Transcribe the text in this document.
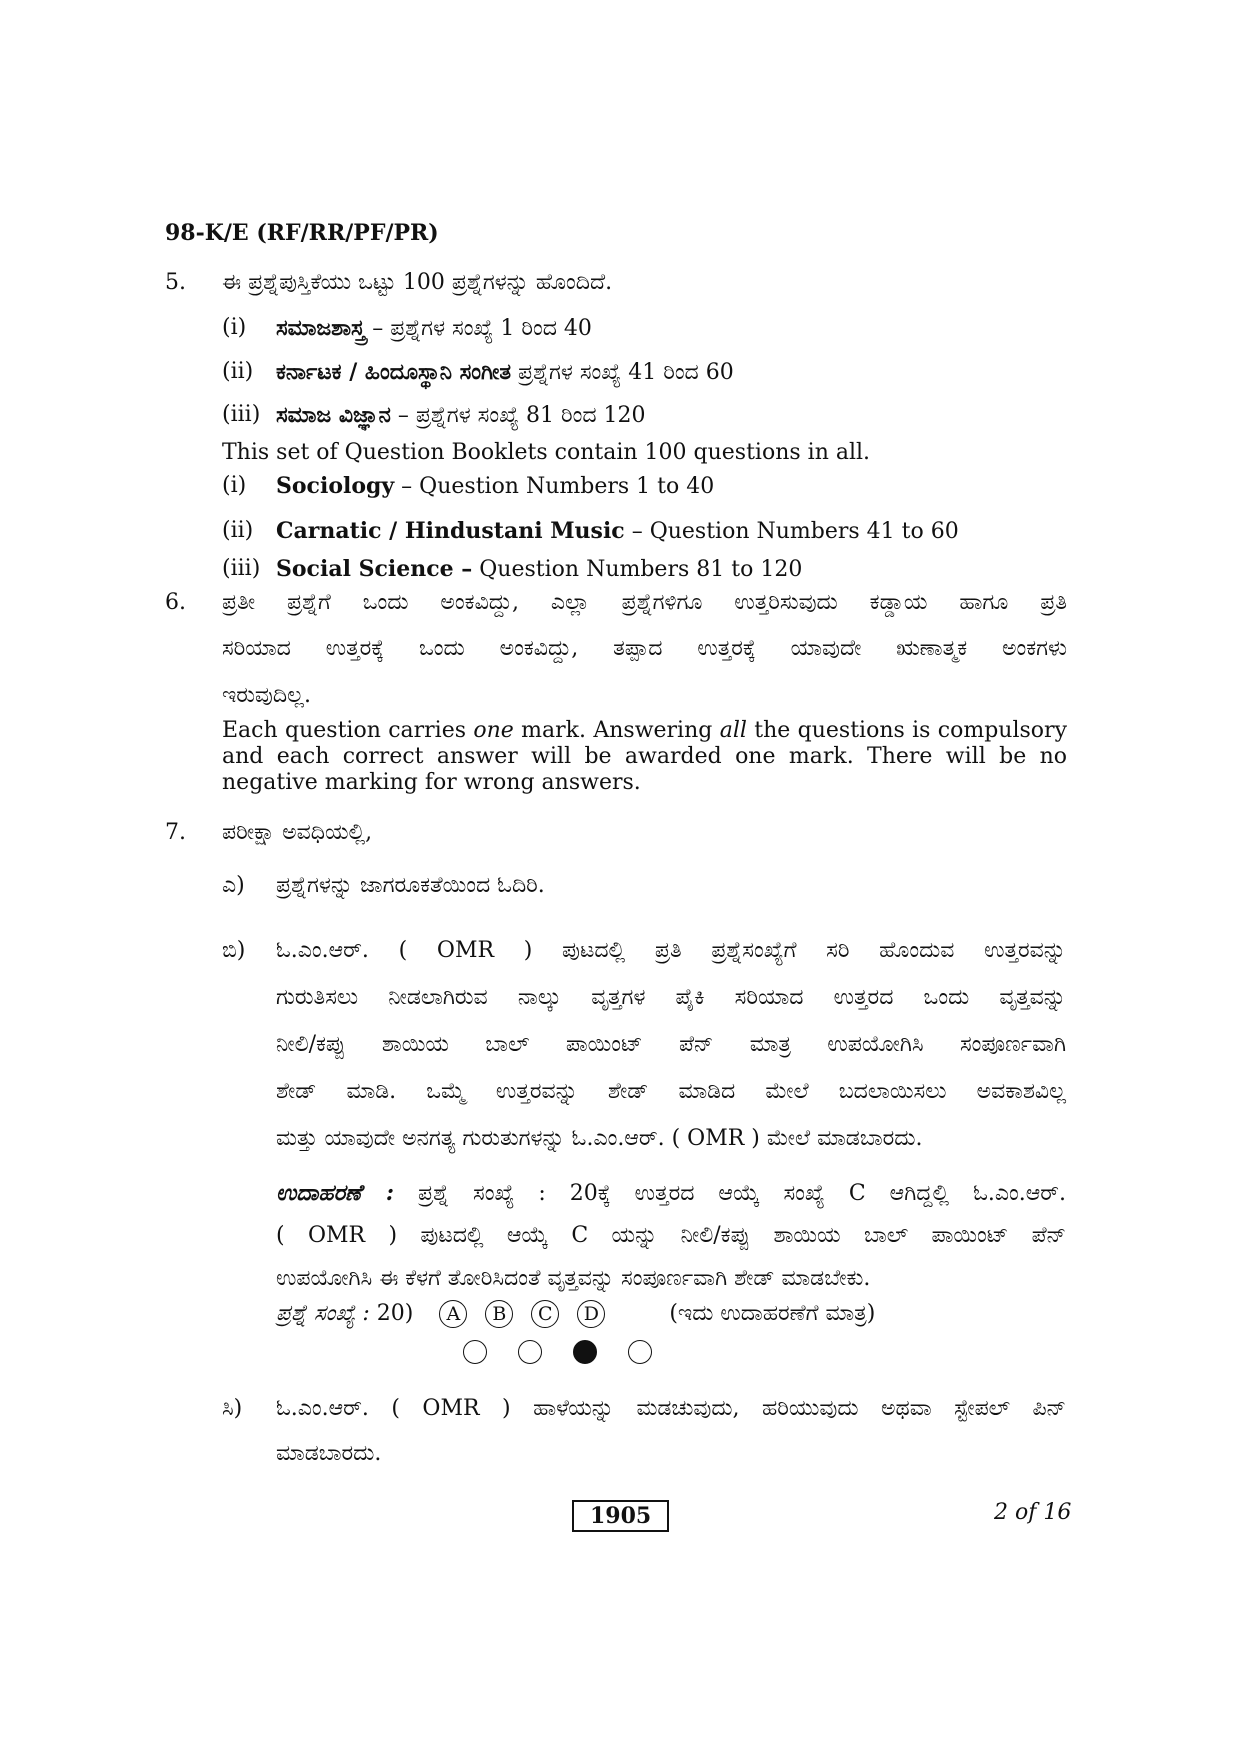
98-K/E (RF/RR/PF/PR)
5. ಈ ಪ್ರಶ್ನೆಪುಸ್ತಿಕೆಯು ಒಟ್ಟು 100 ಪ್ರಶ್ನೆಗಳನ್ನು ಹೊಂದಿದೆ.
(i) ಸಮಾಜಶಾಸ್ತ್ರ – ಪ್ರಶ್ನೆಗಳ ಸಂಖ್ಯೆ 1 ರಿಂದ 40
(ii) ಕರ್ನಾಟಕ / ಹಿಂದೂಸ್ಥಾನಿ ಸಂಗೀತ ಪ್ರಶ್ನೆಗಳ ಸಂಖ್ಯೆ 41 ರಿಂದ 60
(iii) ಸಮಾಜ ವಿಜ್ಞಾನ – ಪ್ರಶ್ನೆಗಳ ಸಂಖ್ಯೆ 81 ರಿಂದ 120
This set of Question Booklets contain 100 questions in all.
(i) Sociology – Question Numbers 1 to 40
(ii) Carnatic / Hindustani Music – Question Numbers 41 to 60
(iii) Social Science – Question Numbers 81 to 120
6. ಪ್ರತೀ ಪ್ರಶ್ನೆಗೆ ಒಂದು ಅಂಕವಿದ್ದು, ಎಲ್ಲಾ ಪ್ರಶ್ನೆಗಳಿಗೂ ಉತ್ತರಿಸುವುದು ಕಡ್ಡಾಯ ಹಾಗೂ ಪ್ರತಿ
ಸರಿಯಾದ ಉತ್ತರಕ್ಕೆ ಒಂದು ಅಂಕವಿದ್ದು, ತಪ್ಪಾದ ಉತ್ತರಕ್ಕೆ ಯಾವುದೇ ಋಣಾತ್ಮಕ ಅಂಕಗಳು
ಇರುವುದಿಲ್ಲ.
Each question carries one mark. Answering all the questions is compulsory and each correct answer will be awarded one mark. There will be no negative marking for wrong answers.
7. ಪರೀಕ್ಷಾ ಅವಧಿಯಲ್ಲಿ,
ಎ) ಪ್ರಶ್ನೆಗಳನ್ನು ಜಾಗರೂಕತೆಯಿಂದ ಓದಿರಿ.
ಬಿ) ಓ.ಎಂ.ಆರ್. ( OMR ) ಪುಟದಲ್ಲಿ ಪ್ರತಿ ಪ್ರಶ್ನೆಸಂಖ್ಯೆಗೆ ಸರಿ ಹೊಂದುವ ಉತ್ತರವನ್ನು
ಗುರುತಿಸಲು ನೀಡಲಾಗಿರುವ ನಾಲ್ಕು ವೃತ್ತಗಳ ಪೈಕಿ ಸರಿಯಾದ ಉತ್ತರದ ಒಂದು ವೃತ್ತವನ್ನು
ನೀಲಿ/ಕಪ್ಪು ಶಾಯಿಯ ಬಾಲ್ ಪಾಯಿಂಟ್ ಪೆನ್ ಮಾತ್ರ ಉಪಯೋಗಿಸಿ ಸಂಪೂರ್ಣವಾಗಿ
ಶೇಡ್ ಮಾಡಿ. ಒಮ್ಮೆ ಉತ್ತರವನ್ನು ಶೇಡ್ ಮಾಡಿದ ಮೇಲೆ ಬದಲಾಯಿಸಲು ಅವಕಾಶವಿಲ್ಲ
ಮತ್ತು ಯಾವುದೇ ಅನಗತ್ಯ ಗುರುತುಗಳನ್ನು ಓ.ಎಂ.ಆರ್. ( OMR ) ಮೇಲೆ ಮಾಡಬಾರದು.
ಉದಾಹರಣೆ : ಪ್ರಶ್ನೆ ಸಂಖ್ಯೆ : 20ಕ್ಕೆ ಉತ್ತರದ ಆಯ್ಕೆ ಸಂಖ್ಯೆ C ಆಗಿದ್ದಲ್ಲಿ ಓ.ಎಂ.ಆರ್.
( OMR ) ಪುಟದಲ್ಲಿ ಆಯ್ಕೆ C ಯನ್ನು ನೀಲಿ/ಕಪ್ಪು ಶಾಯಿಯ ಬಾಲ್ ಪಾಯಿಂಟ್ ಪೆನ್
ಉಪಯೋಗಿಸಿ ಈ ಕೆಳಗೆ ತೋರಿಸಿದಂತೆ ವೃತ್ತವನ್ನು ಸಂಪೂರ್ಣವಾಗಿ ಶೇಡ್ ಮಾಡಬೇಕು.
ಪ್ರಶ್ನೆ ಸಂಖ್ಯೆ : 20) A B C D	(ಇದು ಉದಾಹರಣೆಗೆ ಮಾತ್ರ)
ಸಿ) ಓ.ಎಂ.ಆರ್. ( OMR ) ಹಾಳೆಯನ್ನು ಮಡಚುವುದು, ಹರಿಯುವುದು ಅಥವಾ ಸ್ಟೇಪಲ್ ಪಿನ್
ಮಾಡಬಾರದು.
1905	2 of 16
